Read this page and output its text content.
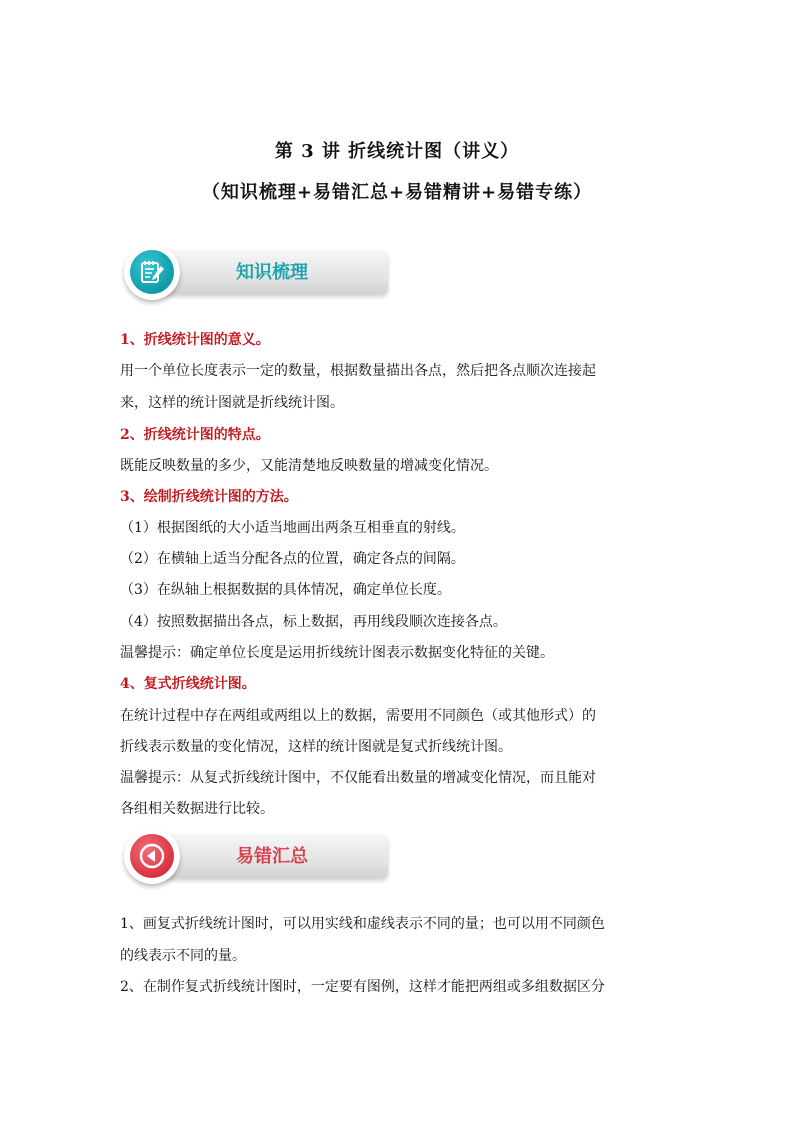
第 3 讲 折线统计图（讲义）
（知识梳理+易错汇总+易错精讲+易错专练）
知识梳理
1、折线统计图的意义。
用一个单位长度表示一定的数量，根据数量描出各点，然后把各点顺次连接起
来，这样的统计图就是折线统计图。
2、折线统计图的特点。
既能反映数量的多少，又能清楚地反映数量的增减变化情况。
3、绘制折线统计图的方法。
（1）根据图纸的大小适当地画出两条互相垂直的射线。
（2）在横轴上适当分配各点的位置，确定各点的间隔。
（3）在纵轴上根据数据的具体情况，确定单位长度。
（4）按照数据描出各点，标上数据，再用线段顺次连接各点。
温馨提示：确定单位长度是运用折线统计图表示数据变化特征的关键。
4、复式折线统计图。
在统计过程中存在两组或两组以上的数据，需要用不同颜色（或其他形式）的
折线表示数量的变化情况，这样的统计图就是复式折线统计图。
温馨提示：从复式折线统计图中，不仅能看出数量的增减变化情况，而且能对
各组相关数据进行比较。
易错汇总
1、画复式折线统计图时，可以用实线和虚线表示不同的量；也可以用不同颜色
的线表示不同的量。
2、在制作复式折线统计图时，一定要有图例，这样才能把两组或多组数据区分
